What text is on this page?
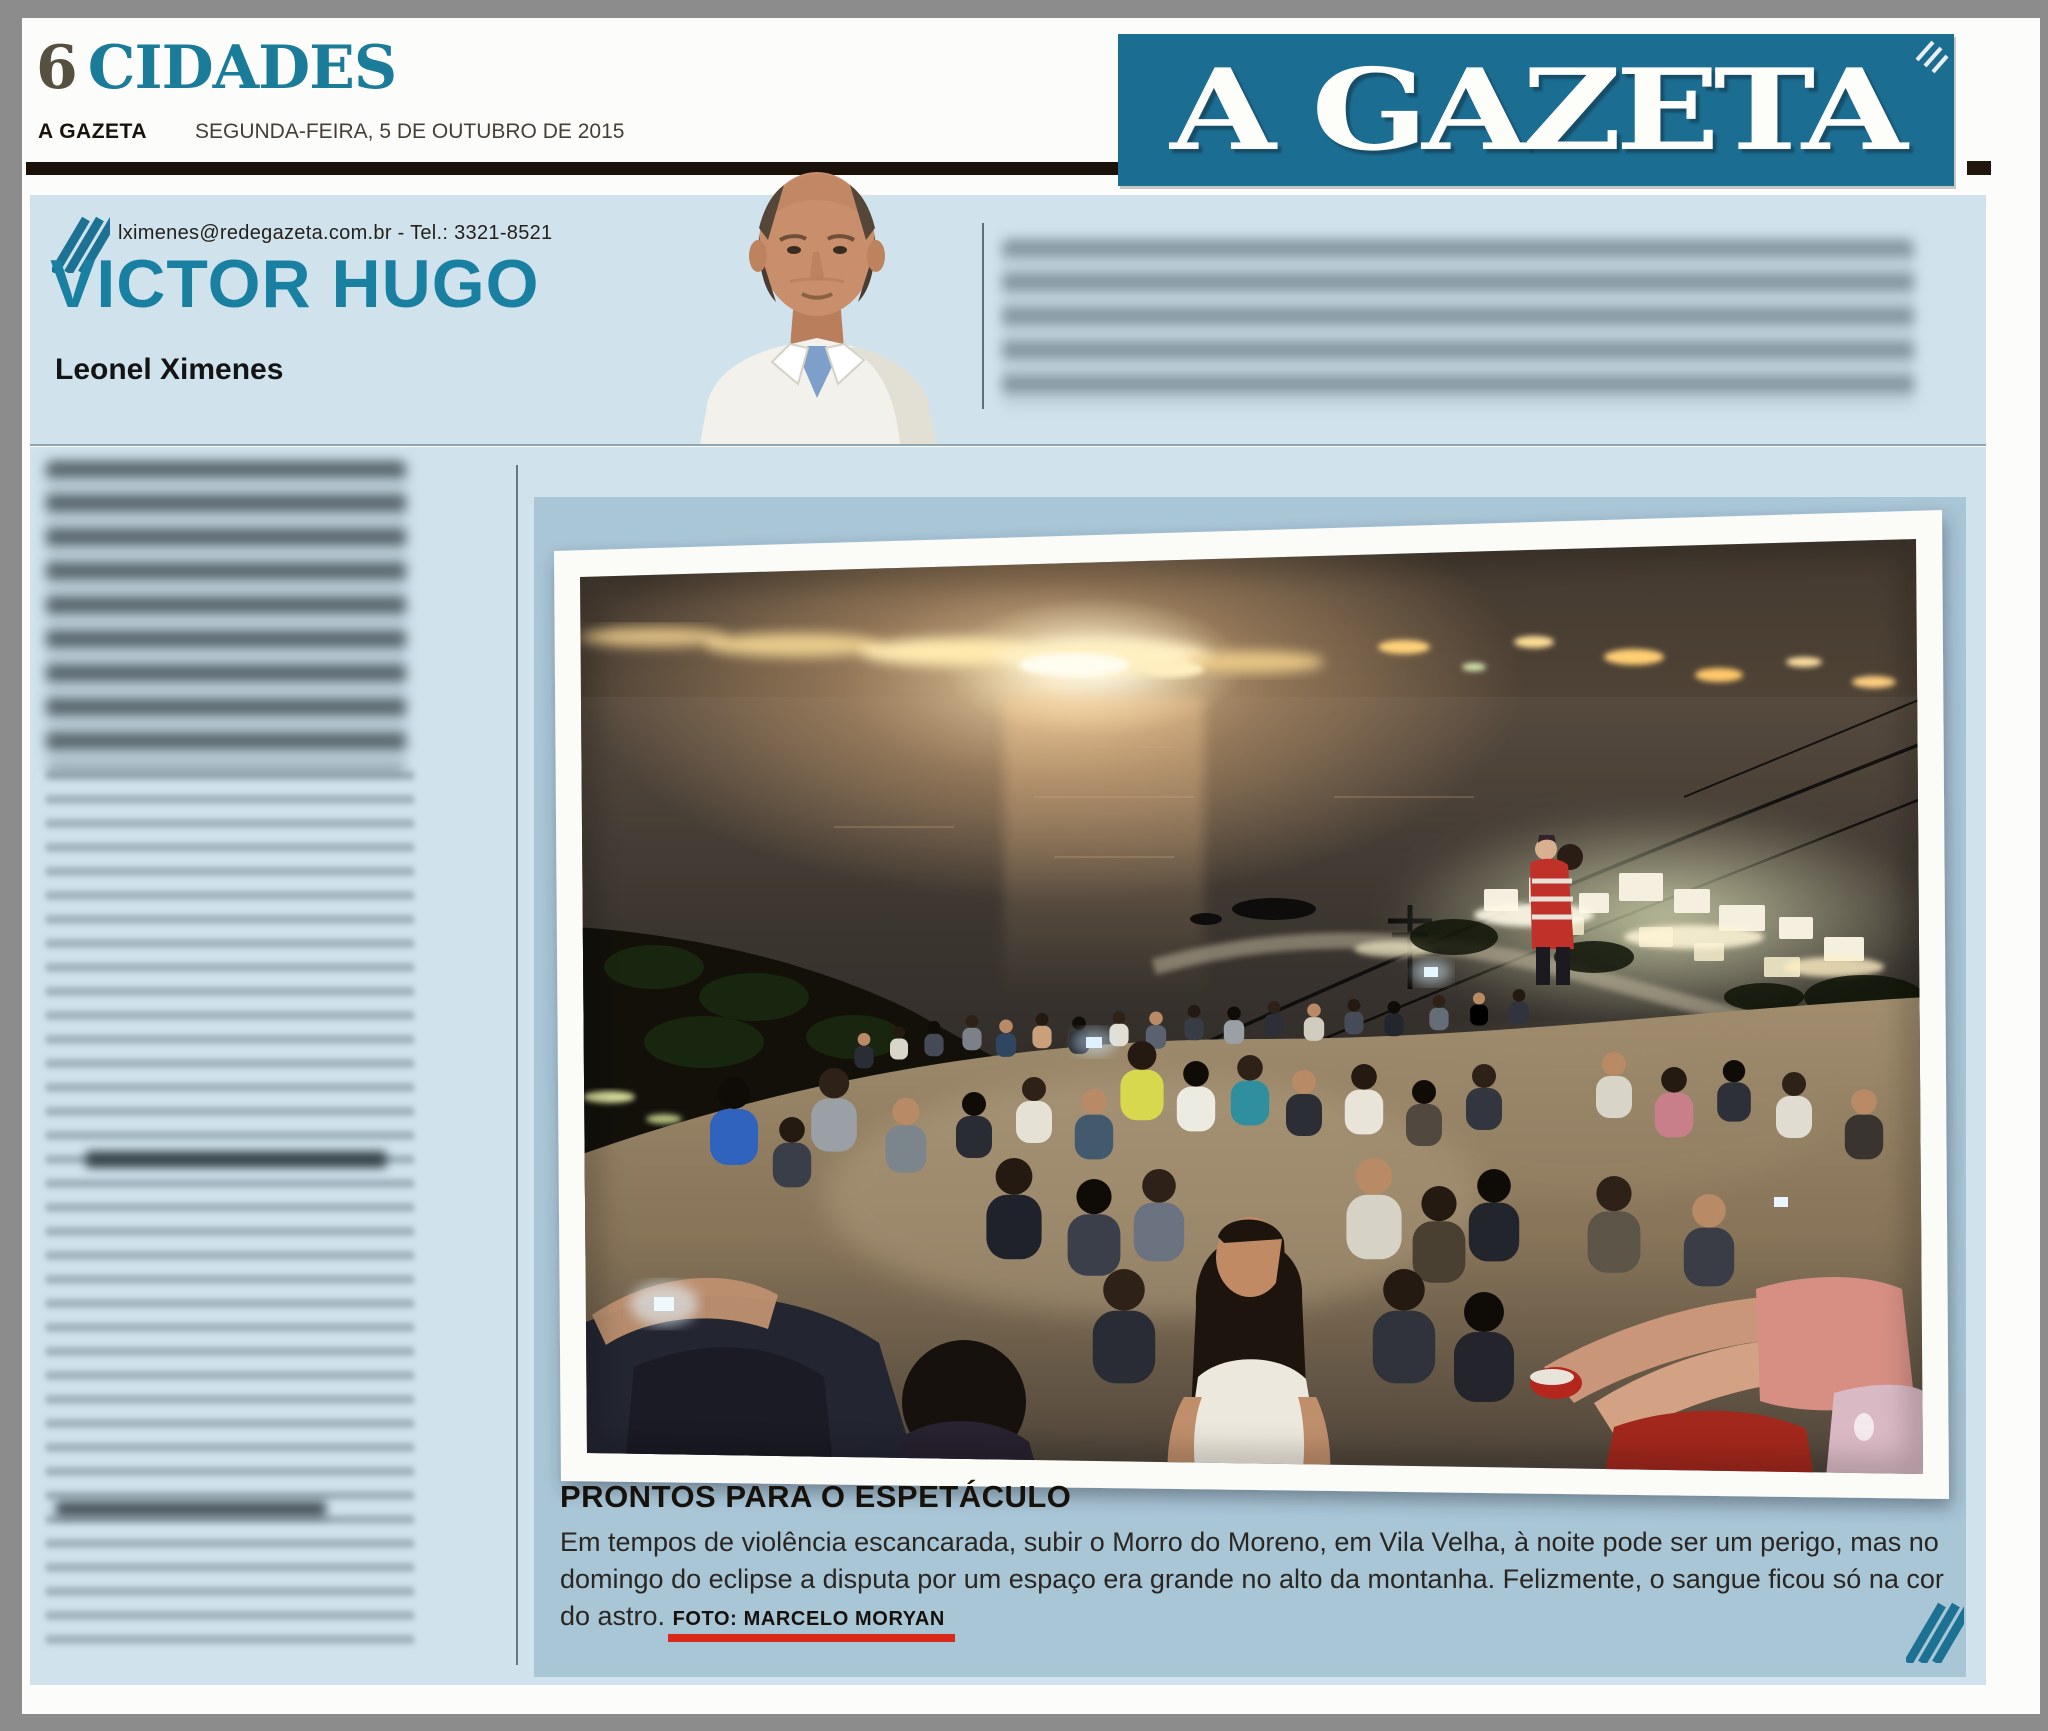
6 CIDADES
A GAZETA SEGUNDA-FEIRA, 5 DE OUTUBRO DE 2015	A GAZETA
lximenes@redegazeta.com.br - Tel.: 3321-8521
VICTOR HUGO
Leonel Ximenes
PRONTOS PARA O ESPETÁCULO

Em tempos de violência escancarada, subir o Morro do Moreno, em Vila Velha, à noite pode ser um perigo, mas no domingo do eclipse a disputa por um espaço era grande no alto da montanha. Felizmente, o sangue ficou só na cor do astro. FOTO: MARCELO MORYAN
